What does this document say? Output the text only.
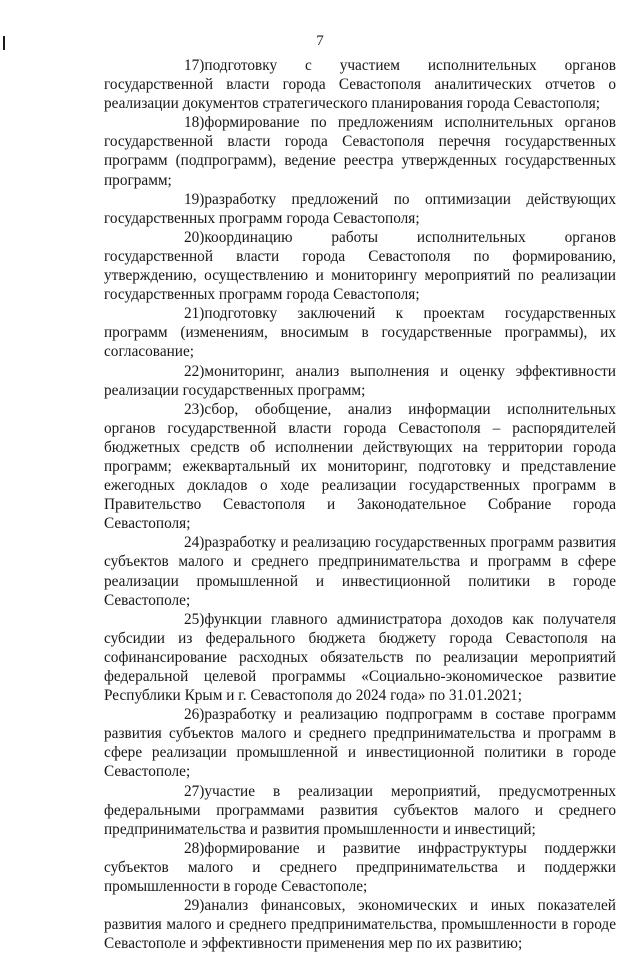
7

17)подготовку с участием исполнительных органов государственной власти города Севастополя аналитических отчетов о реализации документов стратегического планирования города Севастополя;

18)формирование по предложениям исполнительных органов государственной власти города Севастополя перечня государственных программ (подпрограмм), ведение реестра утвержденных государственных программ;

19)разработку предложений по оптимизации действующих государственных программ города Севастополя;

20)координацию работы исполнительных органов государственной власти города Севастополя по формированию, утверждению, осуществлению и мониторингу мероприятий по реализации государственных программ города Севастополя;

21)подготовку заключений к проектам государственных программ (изменениям, вносимым в государственные программы), их согласование;

22)мониторинг, анализ выполнения и оценку эффективности реализации государственных программ;

23)сбор, обобщение, анализ информации исполнительных органов государственной власти города Севастополя – распорядителей бюджетных средств об исполнении действующих на территории города программ; ежеквартальный их мониторинг, подготовку и представление ежегодных докладов о ходе реализации государственных программ в Правительство Севастополя и Законодательное Собрание города Севастополя;

24)разработку и реализацию государственных программ развития субъектов малого и среднего предпринимательства и программ в сфере реализации промышленной и инвестиционной политики в городе Севастополе;

25)функции главного администратора доходов как получателя субсидии из федерального бюджета бюджету города Севастополя на софинансирование расходных обязательств по реализации мероприятий федеральной целевой программы «Социально-экономическое развитие Республики Крым и г. Севастополя до 2024 года» по 31.01.2021;

26)разработку и реализацию подпрограмм в составе программ развития субъектов малого и среднего предпринимательства и программ в сфере реализации промышленной и инвестиционной политики в городе Севастополе;

27)участие в реализации мероприятий, предусмотренных федеральными программами развития субъектов малого и среднего предпринимательства и развития промышленности и инвестиций;

28)формирование и развитие инфраструктуры поддержки субъектов малого и среднего предпринимательства и поддержки промышленности в городе Севастополе;

29)анализ финансовых, экономических и иных показателей развития малого и среднего предпринимательства, промышленности в городе Севастополе и эффективности применения мер по их развитию;
